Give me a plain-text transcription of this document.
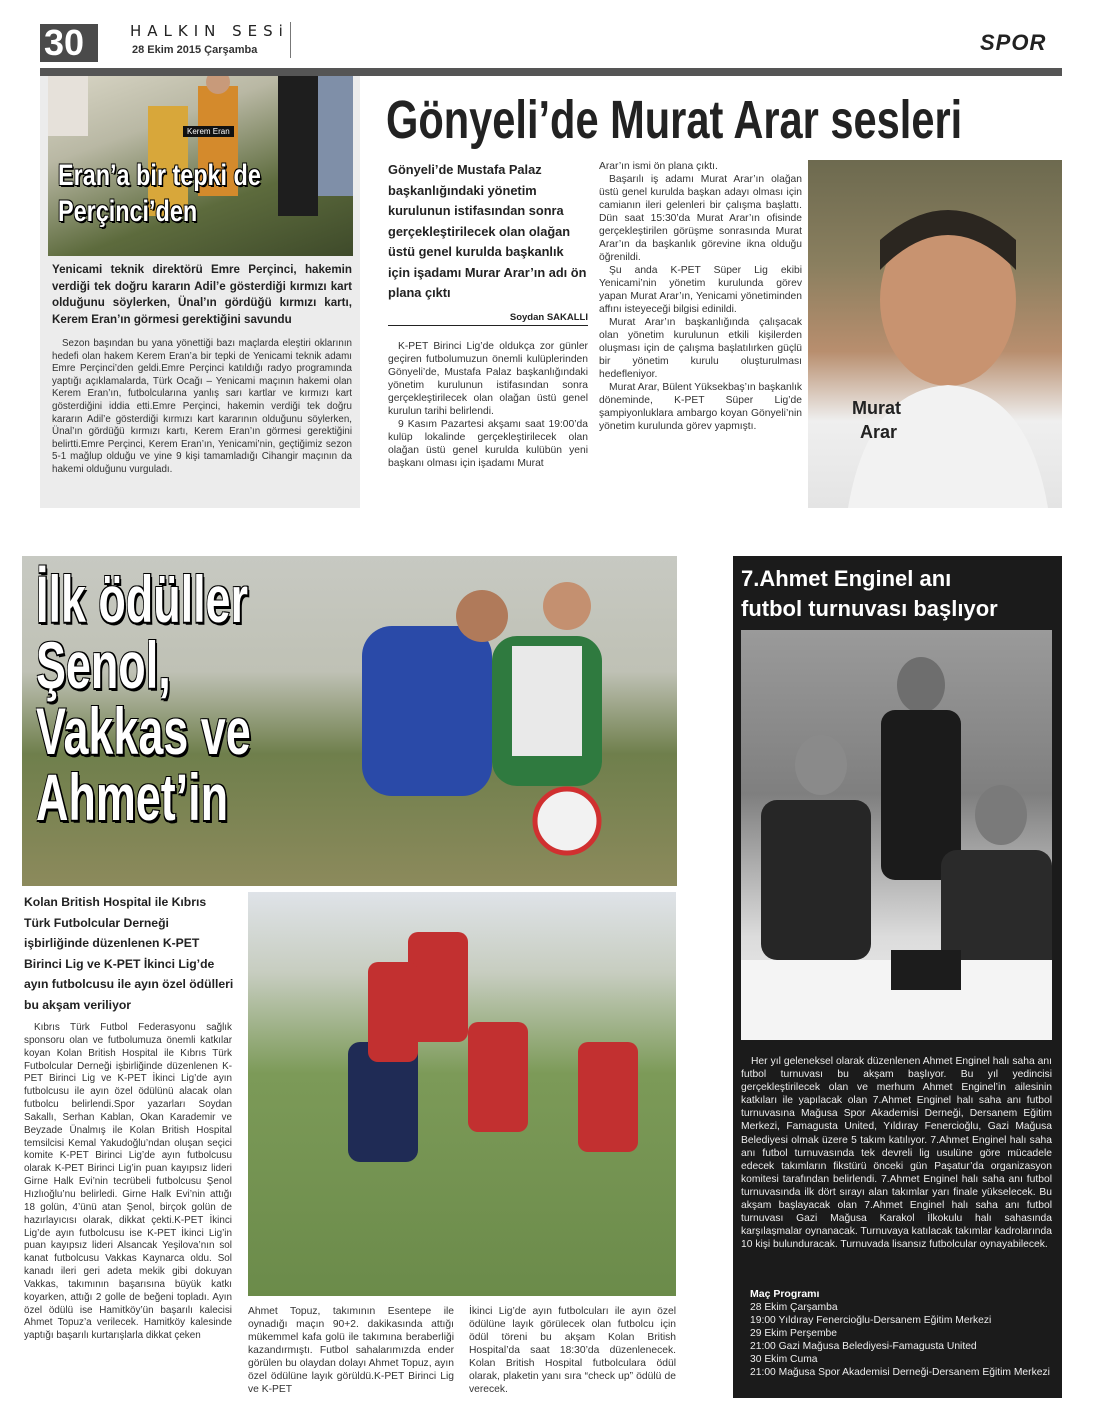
30	HALKIN SESi
28 Ekim 2015 Çarşamba	SPOR
Kerem Eran
Eran’a bir tepki de
Perçinci’den
Yenicami teknik direktörü Emre Perçinci, hakemin verdiği tek doğru kararın Adil’e gösterdiği kırmızı kart olduğunu söylerken, Ünal’ın gördüğü kırmızı kartı, Kerem Eran’ın görmesi gerektiğini savundu

Sezon başından bu yana yönettiği bazı maçlarda eleştiri oklarının hedefi olan hakem Kerem Eran’a bir tepki de Yenicami teknik adamı Emre Perçinci’den geldi.Emre Perçinci katıldığı radyo programında yaptığı açıklamalarda, Türk Ocağı – Yenicami maçının hakemi olan Kerem Eran’ın, futbolcularına yanlış sarı kartlar ve kırmızı kart gösterdiğini iddia etti.Emre Perçinci, hakemin verdiği tek doğru kararın Adil’e gösterdiği kırmızı kart kararının olduğunu söylerken, Ünal’ın gördüğü kırmızı kartı, Kerem Eran’ın görmesi gerektiğini belirtti.Emre Perçinci, Kerem Eran’ın, Yenicami’nin, geçtiğimiz sezon 5-1 mağlup olduğu ve yine 9 kişi tamamladığı Cihangir maçının da hakemi olduğunu vurguladı.

Gönyeli’de Murat Arar sesleri
Gönyeli’de Mustafa Palaz başkanlığındaki yönetim kurulunun istifasından sonra gerçekleştirilecek olan olağan üstü genel kurulda başkanlık için işadamı Murar Arar’ın adı ön plana çıktı
Soydan SAKALLI

K-PET Birinci Lig’de oldukça zor günler geçiren futbolumuzun önemli kulüplerinden Gönyeli’de, Mustafa Palaz başkanlığındaki yönetim kurulunun istifasından sonra gerçekleştirilecek olan olağan üstü genel kurulun tarihi belirlendi.

9 Kasım Pazartesi akşamı saat 19:00’da kulüp lokalinde gerçekleştirilecek olan olağan üstü genel kurulda kulübün yeni başkanı olması için işadamı Murat

Arar’ın ismi ön plana çıktı.

Başarılı iş adamı Murat Arar’ın olağan üstü genel kurulda başkan adayı olması için camianın ileri gelenleri bir çalışma başlattı. Dün saat 15:30’da Murat Arar’ın ofisinde gerçekleştirilen görüşme sonrasında Murat Arar’ın da başkanlık görevine ikna olduğu öğrenildi.

Şu anda K-PET Süper Lig ekibi Yenicami’nin yönetim kurulunda görev yapan Murat Arar’ın, Yenicami yönetiminden affını isteyeceği bilgisi edinildi.

Murat Arar’ın başkanlığında çalışacak olan yönetim kurulunun etkili kişilerden oluşması için de çalışma başlatılırken güçlü bir yönetim kurulu oluşturulması hedefleniyor.

Murat Arar, Bülent Yüksekbaş’ın başkanlık döneminde, K-PET Süper Lig’de şampiyonluklara ambargo koyan Gönyeli’nin yönetim kurulunda görev yapmıştı.

Murat
Arar
İlk ödüller
Şenol,
Vakkas ve
Ahmet’in
Kolan British Hospital ile Kıbrıs Türk Futbolcular Derneği işbirliğinde düzenlenen K-PET Birinci Lig ve K-PET İkinci Lig’de ayın futbolcusu ile ayın özel ödülleri bu akşam veriliyor

Kıbrıs Türk Futbol Federasyonu sağlık sponsoru olan ve futbolumuza önemli katkılar koyan Kolan British Hospital ile Kıbrıs Türk Futbolcular Derneği işbirliğinde düzenlenen K-PET Birinci Lig ve K-PET İkinci Lig’de ayın futbolcusu ile ayın özel ödülünü alacak olan futbolcu belirlendi.Spor yazarları Soydan Sakallı, Serhan Kablan, Okan Karademir ve Beyzade Ünalmış ile Kolan British Hospital temsilcisi Kemal Yakudoğlu’ndan oluşan seçici komite K-PET Birinci Lig’de ayın futbolcusu olarak K-PET Birinci Lig’in puan kayıpsız lideri Girne Halk Evi’nin tecrübeli futbolcusu Şenol Hızlıoğlu’nu belirledi. Girne Halk Evi’nin attığı 18 golün, 4’ünü atan Şenol, birçok golün de hazırlayıcısı olarak, dikkat çekti.K-PET İkinci Lig’de ayın futbolcusu ise K-PET İkinci Lig’in puan kayıpsız lideri Alsancak Yeşilova’nın sol kanat futbolcusu Vakkas Kaynarca oldu. Sol kanadı ileri geri adeta mekik gibi dokuyan Vakkas, takımının başarısına büyük katkı koyarken, attığı 2 golle de beğeni topladı. Ayın özel ödülü ise Hamitköy’ün başarılı kalecisi Ahmet Topuz’a verilecek. Hamitköy kalesinde yaptığı başarılı kurtarışlarla dikkat çeken

Ahmet Topuz, takımının Esentepe ile oynadığı maçın 90+2. dakikasında attığı mükemmel kafa golü ile takımına beraberliği kazandırmıştı. Futbol sahalarımızda ender görülen bu olaydan dolayı Ahmet Topuz, ayın özel ödülüne layık görüldü.K-PET Birinci Lig ve K-PET

İkinci Lig’de ayın futbolcuları ile ayın özel ödülüne layık görülecek olan futbolcu için ödül töreni bu akşam Kolan British Hospital’da saat 18:30’da düzenlenecek. Kolan British Hospital futbolculara ödül olarak, plaketin yanı sıra “check up” ödülü de verecek.

7.Ahmet Enginel anı
futbol turnuvası başlıyor

Her yıl geleneksel olarak düzenlenen Ahmet Enginel halı saha anı futbol turnuvası bu akşam başlıyor. Bu yıl yedincisi gerçekleştirilecek olan ve merhum Ahmet Enginel’in ailesinin katkıları ile yapılacak olan 7.Ahmet Enginel halı saha anı futbol turnuvasına Mağusa Spor Akademisi Derneği, Dersanem Eğitim Merkezi, Famagusta United, Yıldıray Fenercioğlu, Gazi Mağusa Belediyesi olmak üzere 5 takım katılıyor. 7.Ahmet Enginel halı saha anı futbol turnuvasında tek devreli lig usulüne göre mücadele edecek takımların fikstürü önceki gün Paşatur’da organizasyon komitesi tarafından belirlendi. 7.Ahmet Enginel halı saha anı futbol turnuvasında ilk dört sırayı alan takımlar yarı finale yükselecek. Bu akşam başlayacak olan 7.Ahmet Enginel halı saha anı futbol turnuvası Gazi Mağusa Karakol İlkokulu halı sahasında karşılaşmalar oynanacak. Turnuvaya katılacak takımlar kadrolarında 10 kişi bulunduracak. Turnuvada lisansız futbolcular oynayabilecek.

Maç Programı
28 Ekim Çarşamba
19:00 Yıldıray Fenercioğlu-Dersanem Eğitim Merkezi
29 Ekim Perşembe
21:00 Gazi Mağusa Belediyesi-Famagusta United
30 Ekim Cuma
21:00 Mağusa Spor Akademisi Derneği-Dersanem Eğitim Merkezi
